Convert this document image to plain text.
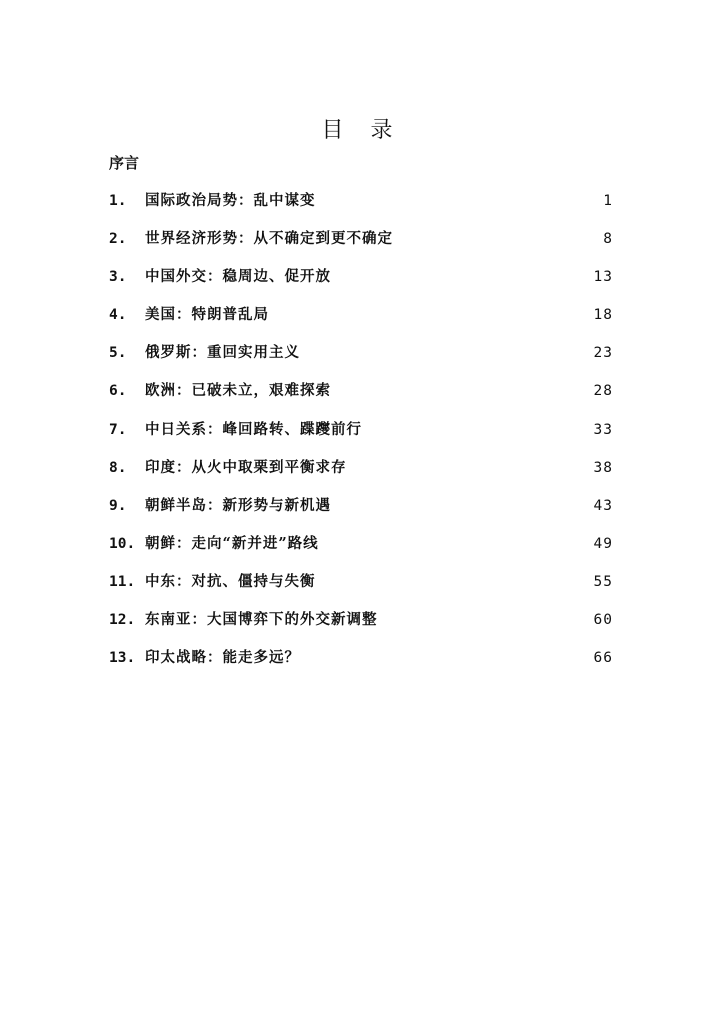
目 录
序言
1.	国际政治局势：乱中谋变	1
2.	世界经济形势：从不确定到更不确定	8
3.	中国外交：稳周边、促开放	13
4.	美国：特朗普乱局	18
5.	俄罗斯：重回实用主义	23
6.	欧洲：已破未立，艰难探索	28
7.	中日关系：峰回路转、蹀躞前行	33
8.	印度：从火中取栗到平衡求存	38
9.	朝鲜半岛：新形势与新机遇	43
10. 朝鲜：走向“新并进”路线	49
11. 中东：对抗、僵持与失衡	55
12. 东南亚：大国博弈下的外交新调整	60
13. 印太战略：能走多远？	66
